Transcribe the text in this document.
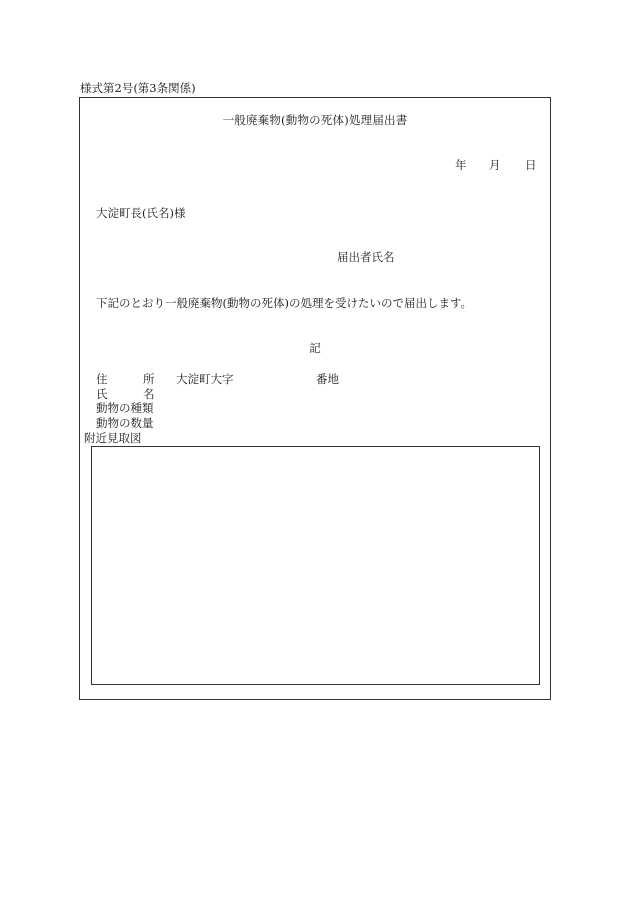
様式第2号(第3条関係)
一般廃棄物(動物の死体)処理届出書
年 月 日
大淀町長(氏名)様
届出者氏名
下記のとおり一般廃棄物(動物の死体)の処理を受けたいので届出します。
記
住	所 大淀町大字	番地
氏	名
動物の種類
動物の数量
附近見取図
